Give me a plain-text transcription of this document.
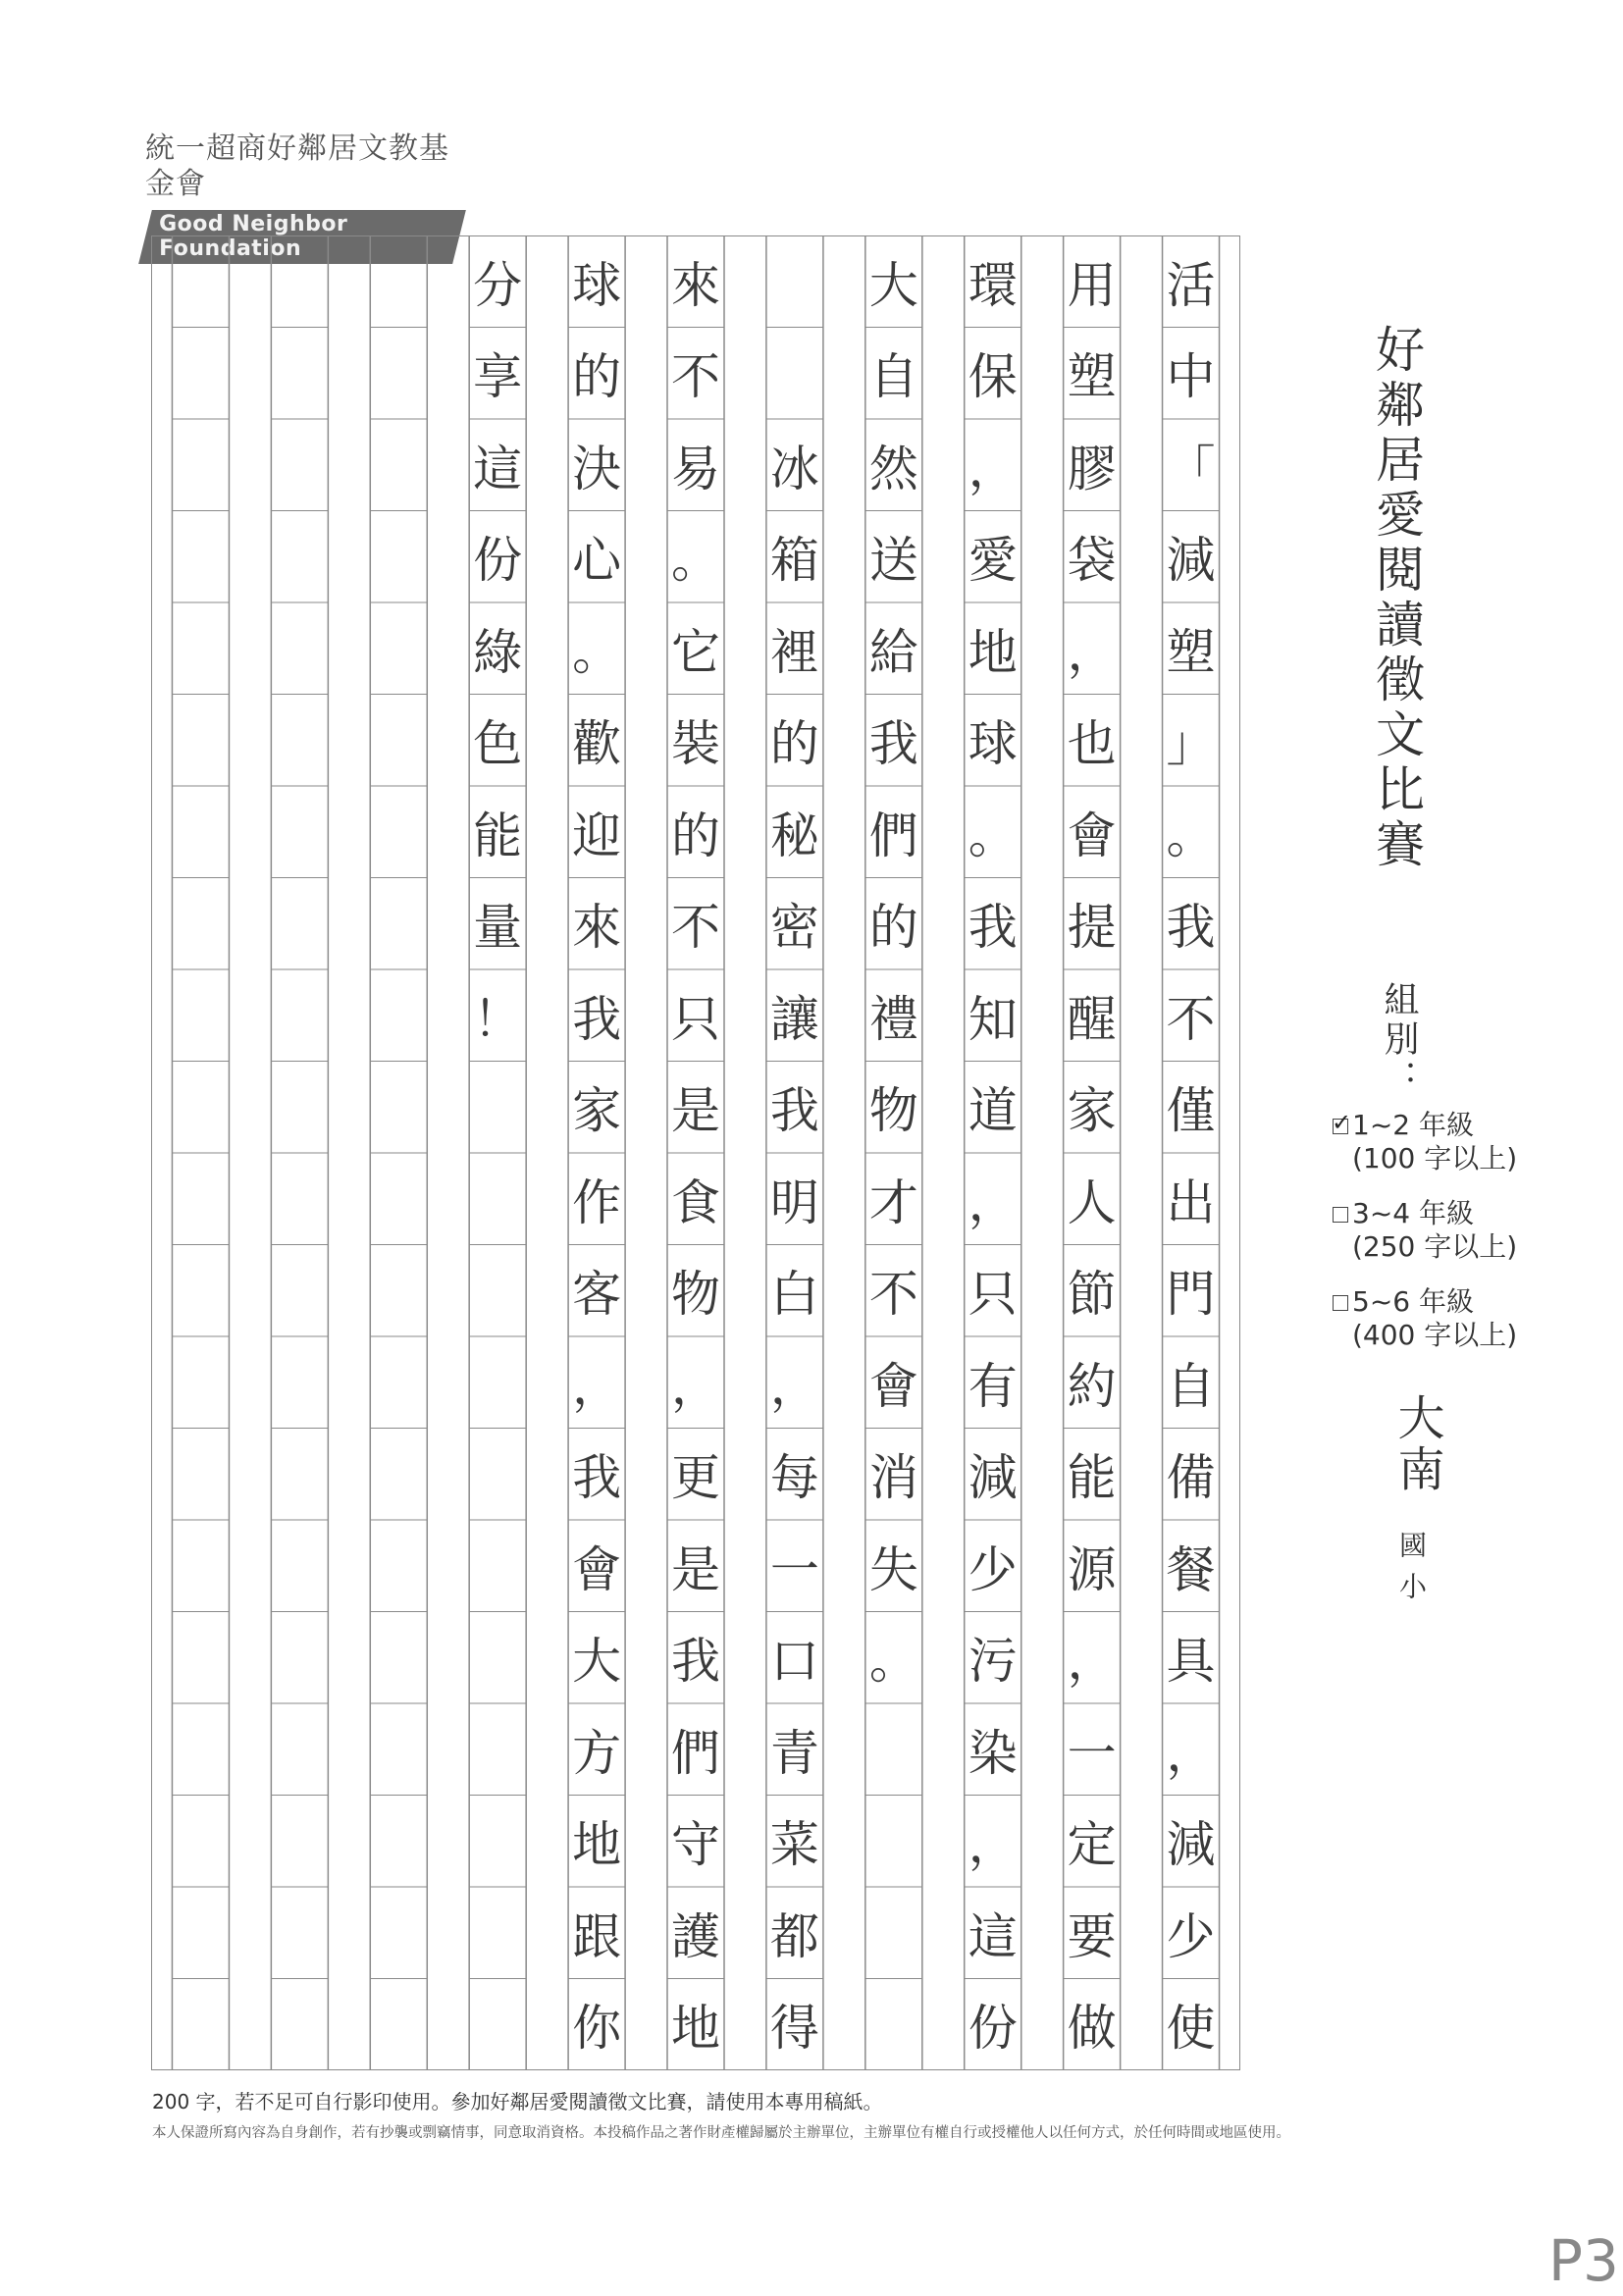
統一超商好鄰居文教基金會
Good Neighbor Foundation
活
中
「
減
塑
」
。
我
不
僅
出
門
自
備
餐
具
，
減
少
使
用
塑
膠
袋
，
也
會
提
醒
家
人
節
約
能
源
，
一
定
要
做
環
保
，
愛
地
球
。
我
知
道
，
只
有
減
少
污
染
，
這
份
大
自
然
送
給
我
們
的
禮
物
才
不
會
消
失
。
冰
箱
裡
的
秘
密
讓
我
明
白
，
每
一
口
青
菜
都
得
來
不
易
。
它
裝
的
不
只
是
食
物
，
更
是
我
們
守
護
地
球
的
決
心
。
歡
迎
來
我
家
作
客
，
我
會
大
方
地
跟
你
分
享
這
份
綠
色
能
量
！
好鄰居愛閱讀徵文比賽
組別：
✓1~2 年級
(100 字以上)
3~4 年級
(250 字以上)
5~6 年級
(400 字以上)
大南
國小
200 字，若不足可自行影印使用。參加好鄰居愛閱讀徵文比賽，請使用本專用稿紙。
本人保證所寫內容為自身創作，若有抄襲或剽竊情事，同意取消資格。本投稿作品之著作財產權歸屬於主辦單位，主辦單位有權自行或授權他人以任何方式，於任何時間或地區使用。
P3
